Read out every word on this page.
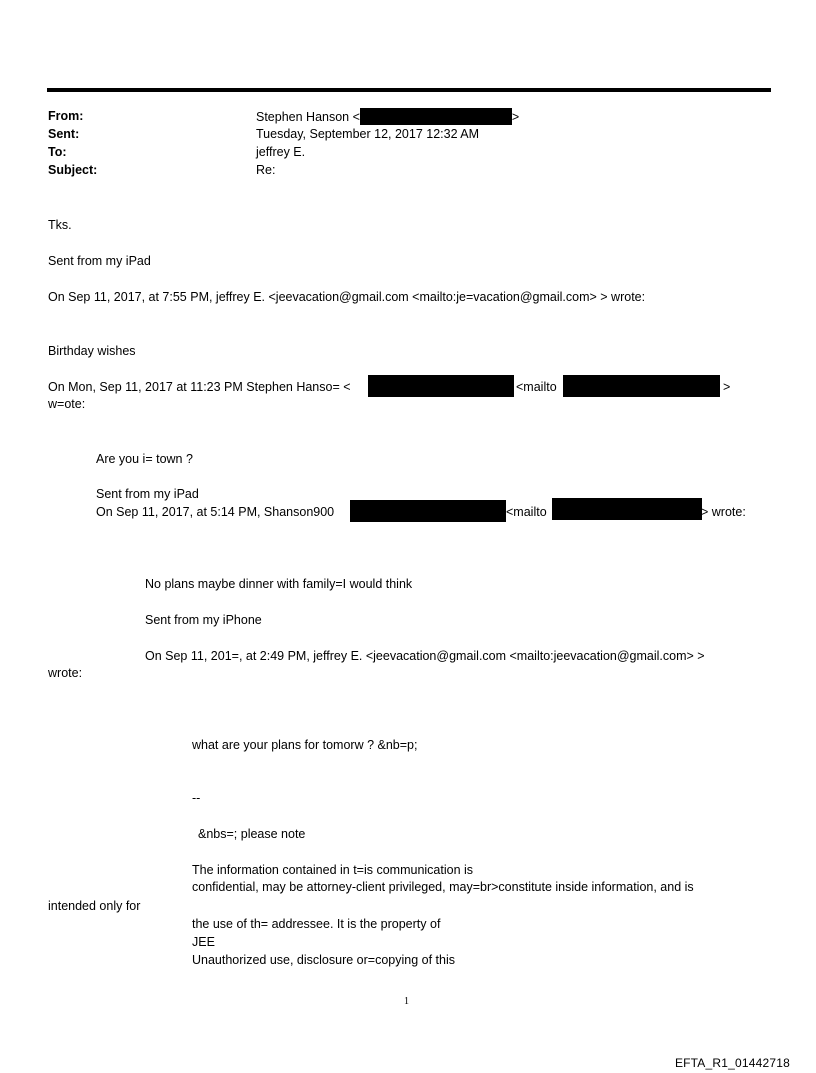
From:	Stephen Hanson <	>
Sent:	Tuesday, September 12, 2017 12:32 AM
To:	jeffrey E.
Subject:	Re:
Tks.
Sent from my iPad
On Sep 11, 2017, at 7:55 PM, jeffrey E. <jeevacation@gmail.com <mailto:je=vacation@gmail.com> > wrote:
Birthday wishes
On Mon, Sep 11, 2017 at 11:23 PM Stephen Hanso= <	<mailto	>
w=ote:
Are you i= town ?
Sent from my iPad
On Sep 11, 2017, at 5:14 PM, Shanson900	<mailto	> wrote:
No plans maybe dinner with family=I would think
Sent from my iPhone
On Sep 11, 201=, at 2:49 PM, jeffrey E. <jeevacation@gmail.com <mailto:jeevacation@gmail.com> >
wrote:
what are your plans for tomorw ? &nb=p;
--
&nbs=; please note
The information contained in t=is communication is
confidential, may be attorney-client privileged, may=br>constitute inside information, and is
intended only for
the use of th= addressee. It is the property of
JEE
Unauthorized use, disclosure or=copying of this
1
EFTA_R1_01442718
